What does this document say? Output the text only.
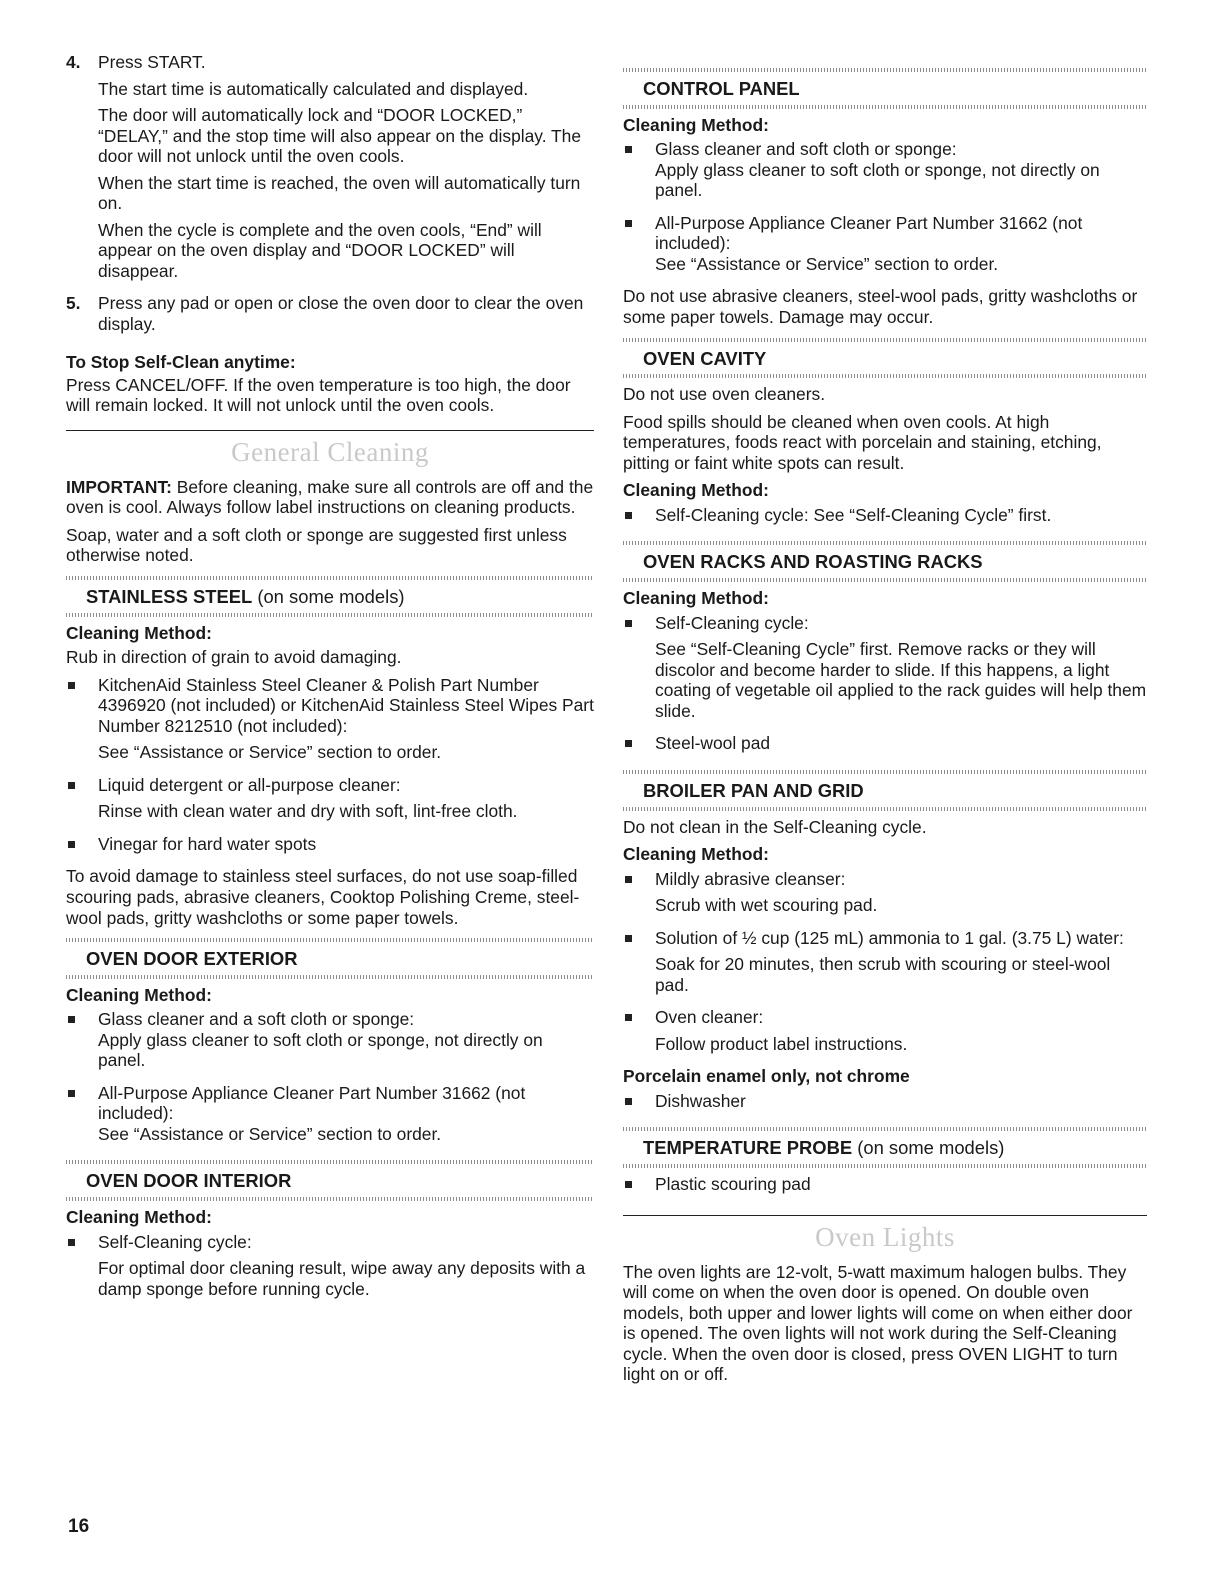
4.	Press START.

The start time is automatically calculated and displayed.

The door will automatically lock and “DOOR LOCKED,” “DELAY,” and the stop time will also appear on the display. The door will not unlock until the oven cools.

When the start time is reached, the oven will automatically turn on.

When the cycle is complete and the oven cools, “End” will appear on the oven display and “DOOR LOCKED” will disappear.

5.	Press any pad or open or close the oven door to clear the oven display.

To Stop Self-Clean anytime:

Press CANCEL/OFF. If the oven temperature is too high, the door will remain locked. It will not unlock until the oven cools.

General Cleaning

IMPORTANT: Before cleaning, make sure all controls are off and the oven is cool. Always follow label instructions on cleaning products.

Soap, water and a soft cloth or sponge are suggested first unless otherwise noted.

STAINLESS STEEL (on some models)
Cleaning Method:

Rub in direction of grain to avoid damaging.

KitchenAid Stainless Steel Cleaner & Polish Part Number 4396920 (not included) or KitchenAid Stainless Steel Wipes Part Number 8212510 (not included):

See “Assistance or Service” section to order.

Liquid detergent or all-purpose cleaner:

Rinse with clean water and dry with soft, lint-free cloth.

Vinegar for hard water spots

To avoid damage to stainless steel surfaces, do not use soap-filled scouring pads, abrasive cleaners, Cooktop Polishing Creme, steel-wool pads, gritty washcloths or some paper towels.

OVEN DOOR EXTERIOR
Cleaning Method:
Glass cleaner and a soft cloth or sponge:

Apply glass cleaner to soft cloth or sponge, not directly on panel.

All-Purpose Appliance Cleaner Part Number 31662 (not included):

See “Assistance or Service” section to order.

OVEN DOOR INTERIOR
Cleaning Method:

Self-Cleaning cycle:

For optimal door cleaning result, wipe away any deposits with a damp sponge before running cycle.

CONTROL PANEL
Cleaning Method:
Glass cleaner and soft cloth or sponge:

Apply glass cleaner to soft cloth or sponge, not directly on panel.

All-Purpose Appliance Cleaner Part Number 31662 (not included):

See “Assistance or Service” section to order.

Do not use abrasive cleaners, steel-wool pads, gritty washcloths or some paper towels. Damage may occur.

OVEN CAVITY

Do not use oven cleaners.

Food spills should be cleaned when oven cools. At high temperatures, foods react with porcelain and staining, etching, pitting or faint white spots can result.

Cleaning Method:

Self-Cleaning cycle: See “Self-Cleaning Cycle” first.

OVEN RACKS AND ROASTING RACKS
Cleaning Method:

Self-Cleaning cycle:

See “Self-Cleaning Cycle” first. Remove racks or they will discolor and become harder to slide. If this happens, a light coating of vegetable oil applied to the rack guides will help them slide.

Steel-wool pad

BROILER PAN AND GRID

Do not clean in the Self-Cleaning cycle.

Cleaning Method:

Mildly abrasive cleanser:

Scrub with wet scouring pad.

Solution of ½ cup (125 mL) ammonia to 1 gal. (3.75 L) water:

Soak for 20 minutes, then scrub with scouring or steel-wool pad.

Oven cleaner:

Follow product label instructions.

Porcelain enamel only, not chrome

Dishwasher

TEMPERATURE PROBE (on some models)

Plastic scouring pad

Oven Lights

The oven lights are 12-volt, 5-watt maximum halogen bulbs. They will come on when the oven door is opened. On double oven models, both upper and lower lights will come on when either door is opened. The oven lights will not work during the Self-Cleaning cycle. When the oven door is closed, press OVEN LIGHT to turn light on or off.

16
